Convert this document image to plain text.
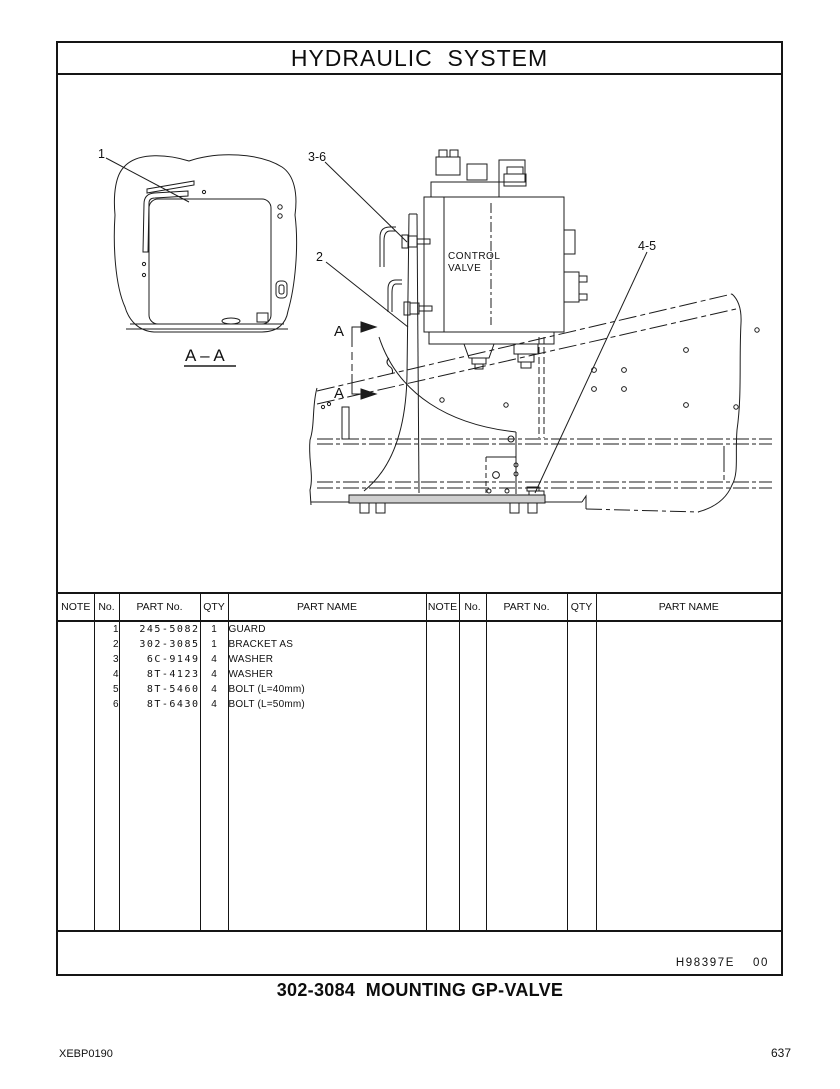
HYDRAULIC  SYSTEM
1	3-6
2
4-5
A
A
A – A
CONTROL
VALVE
NOTE	No.	PART No.	QTY	PART NAME	NOTE	No.	PART No.	QTY	PART NAME
	1	245-5082	1	GUARD					
	2	302-3085	1	BRACKET AS					
	3	6C-9149	4	WASHER					
	4	8T-4123	4	WASHER					
	5	8T-5460	4	BOLT (L=40mm)					
	6	8T-6430	4	BOLT (L=50mm)					

H98397E 00
302-3084  MOUNTING GP-VALVE
XEBP0190	637
